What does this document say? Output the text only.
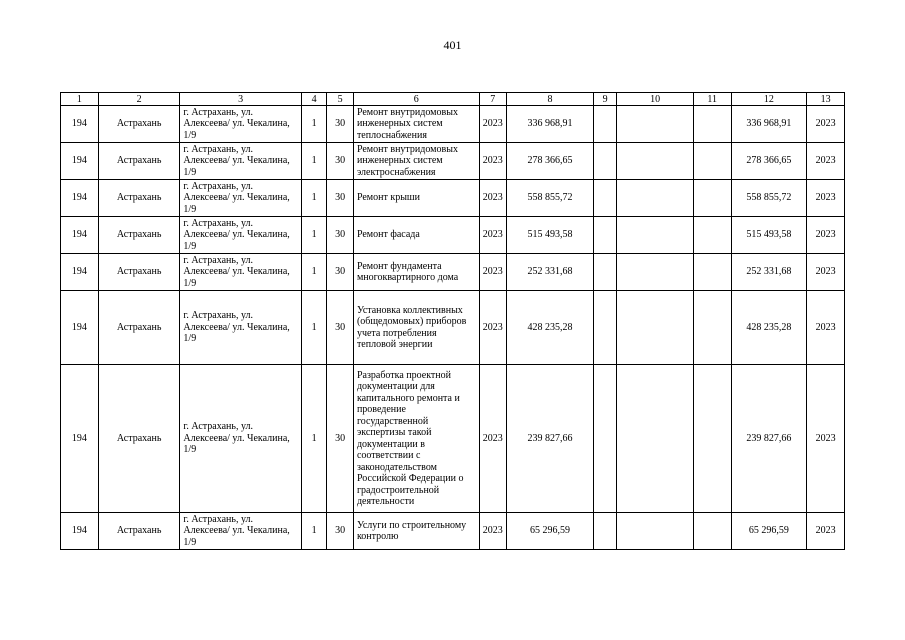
401
1	2	3	4	5	6	7	8	9	10	11	12	13
194	Астрахань	г. Астрахань, ул. Алексеева/ ул. Чекалина, 1/9	1	30	Ремонт внутридомовых инженерных систем теплоснабжения	2023	336 968,91				336 968,91	2023
194	Астрахань	г. Астрахань, ул. Алексеева/ ул. Чекалина, 1/9	1	30	Ремонт внутридомовых инженерных систем электроснабжения	2023	278 366,65				278 366,65	2023
194	Астрахань	г. Астрахань, ул. Алексеева/ ул. Чекалина, 1/9	1	30	Ремонт крыши	2023	558 855,72				558 855,72	2023
194	Астрахань	г. Астрахань, ул. Алексеева/ ул. Чекалина, 1/9	1	30	Ремонт фасада	2023	515 493,58				515 493,58	2023
194	Астрахань	г. Астрахань, ул. Алексеева/ ул. Чекалина, 1/9	1	30	Ремонт фундамента многоквартирного дома	2023	252 331,68				252 331,68	2023
194	Астрахань	г. Астрахань, ул. Алексеева/ ул. Чекалина, 1/9	1	30	Установка коллективных (общедомовых) приборов учета потребления тепловой энергии	2023	428 235,28				428 235,28	2023
194	Астрахань	г. Астрахань, ул. Алексеева/ ул. Чекалина, 1/9	1	30	Разработка проектной документации для капитального ремонта и проведение государственной экспертизы такой документации в соответствии с законодательством Российской Федерации о градостроительной деятельности	2023	239 827,66				239 827,66	2023
194	Астрахань	г. Астрахань, ул. Алексеева/ ул. Чекалина, 1/9	1	30	Услуги по строительному контролю	2023	65 296,59				65 296,59	2023
